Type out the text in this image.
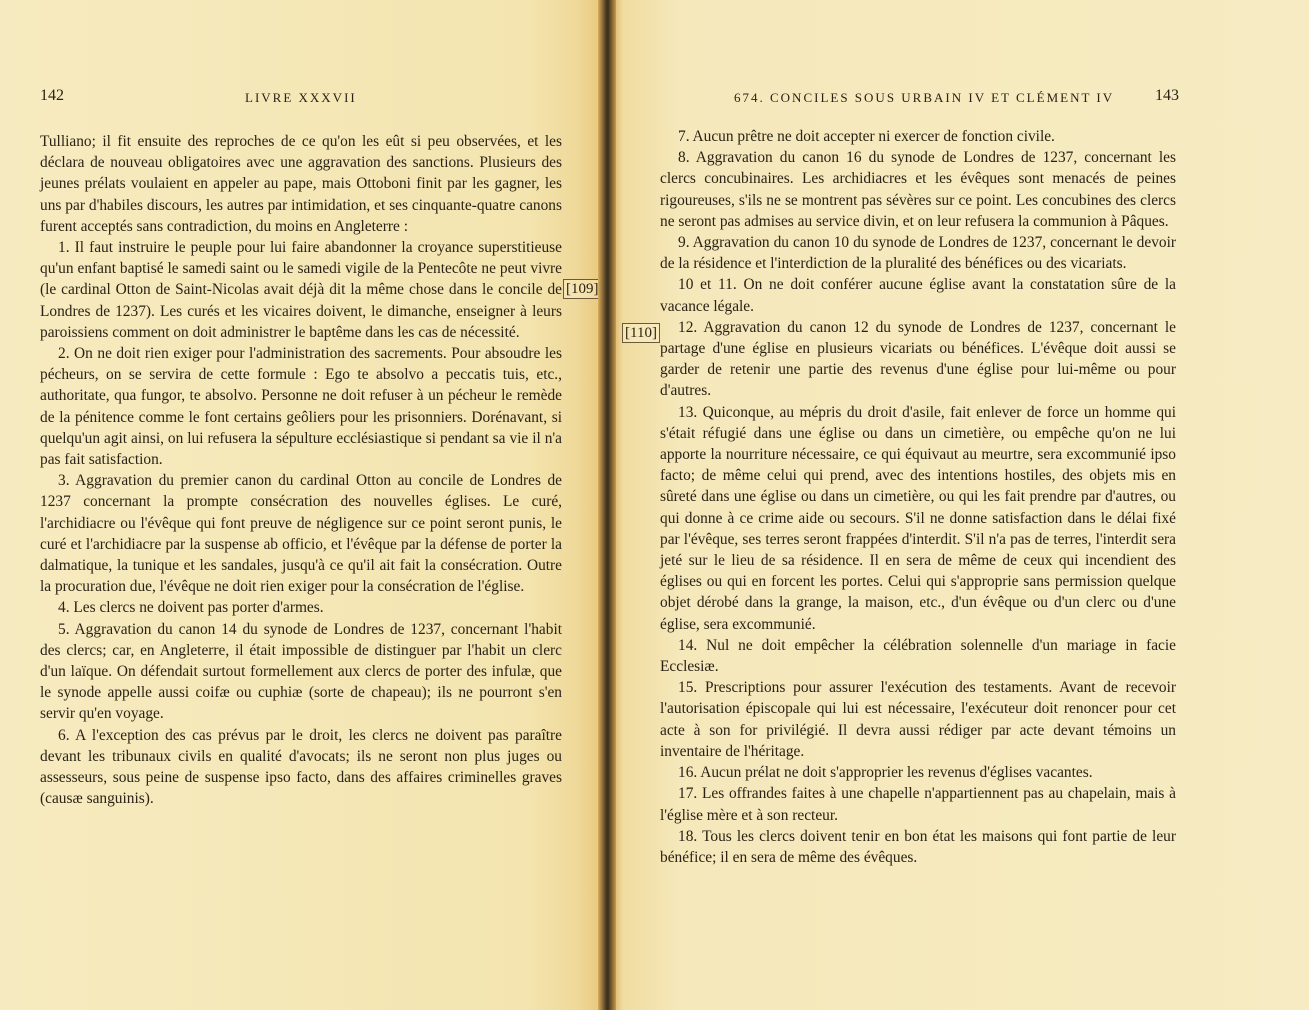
142	LIVRE XXXVII

Tulliano; il fit ensuite des reproches de ce qu'on les eût si peu observées, et les déclara de nouveau obligatoires avec une aggravation des sanctions. Plusieurs des jeunes prélats voulaient en appeler au pape, mais Ottoboni finit par les gagner, les uns par d'habiles discours, les autres par intimidation, et ses cinquante-quatre canons furent acceptés sans contradiction, du moins en Angleterre :

1. Il faut instruire le peuple pour lui faire abandonner la croyance superstitieuse qu'un enfant baptisé le samedi saint ou le samedi vigile de la Pentecôte ne peut vivre (le cardinal Otton de Saint-Nicolas avait déjà dit la même chose dans le concile de Londres de 1237). Les curés et les vicaires doivent, le dimanche, enseigner à leurs paroissiens comment on doit administrer le baptême dans les cas de nécessité.

2. On ne doit rien exiger pour l'administration des sacrements. Pour absoudre les pécheurs, on se servira de cette formule : Ego te absolvo a peccatis tuis, etc., authoritate, qua fungor, te absolvo. Personne ne doit refuser à un pécheur le remède de la pénitence comme le font certains geôliers pour les prisonniers. Dorénavant, si quelqu'un agit ainsi, on lui refusera la sépulture ecclésiastique si pendant sa vie il n'a pas fait satisfaction.

3. Aggravation du premier canon du cardinal Otton au concile de Londres de 1237 concernant la prompte consécration des nouvelles églises. Le curé, l'archidiacre ou l'évêque qui font preuve de négligence sur ce point seront punis, le curé et l'archidiacre par la suspense ab officio, et l'évêque par la défense de porter la dalmatique, la tunique et les sandales, jusqu'à ce qu'il ait fait la consécration. Outre la procuration due, l'évêque ne doit rien exiger pour la consécration de l'église.

4. Les clercs ne doivent pas porter d'armes.

5. Aggravation du canon 14 du synode de Londres de 1237, concernant l'habit des clercs; car, en Angleterre, il était impossible de distinguer par l'habit un clerc d'un laïque. On défendait surtout formellement aux clercs de porter des infulæ, que le synode appelle aussi coifæ ou cuphiæ (sorte de chapeau); ils ne pourront s'en servir qu'en voyage.

6. A l'exception des cas prévus par le droit, les clercs ne doivent pas paraître devant les tribunaux civils en qualité d'avocats; ils ne seront non plus juges ou assesseurs, sous peine de suspense ipso facto, dans des affaires criminelles graves (causæ sanguinis).

[109]
674. CONCILES SOUS URBAIN IV ET CLÉMENT IV	143

7. Aucun prêtre ne doit accepter ni exercer de fonction civile.

8. Aggravation du canon 16 du synode de Londres de 1237, concernant les clercs concubinaires. Les archidiacres et les évêques sont menacés de peines rigoureuses, s'ils ne se montrent pas sévères sur ce point. Les concubines des clercs ne seront pas admises au service divin, et on leur refusera la communion à Pâques.

9. Aggravation du canon 10 du synode de Londres de 1237, concernant le devoir de la résidence et l'interdiction de la pluralité des bénéfices ou des vicariats.

10 et 11. On ne doit conférer aucune église avant la constatation sûre de la vacance légale.

12. Aggravation du canon 12 du synode de Londres de 1237, concernant le partage d'une église en plusieurs vicariats ou bénéfices. L'évêque doit aussi se garder de retenir une partie des revenus d'une église pour lui-même ou pour d'autres.

13. Quiconque, au mépris du droit d'asile, fait enlever de force un homme qui s'était réfugié dans une église ou dans un cimetière, ou empêche qu'on ne lui apporte la nourriture nécessaire, ce qui équivaut au meurtre, sera excommunié ipso facto; de même celui qui prend, avec des intentions hostiles, des objets mis en sûreté dans une église ou dans un cimetière, ou qui les fait prendre par d'autres, ou qui donne à ce crime aide ou secours. S'il ne donne satisfaction dans le délai fixé par l'évêque, ses terres seront frappées d'interdit. S'il n'a pas de terres, l'interdit sera jeté sur le lieu de sa résidence. Il en sera de même de ceux qui incendient des églises ou qui en forcent les portes. Celui qui s'approprie sans permission quelque objet dérobé dans la grange, la maison, etc., d'un évêque ou d'un clerc ou d'une église, sera excommunié.

14. Nul ne doit empêcher la célébration solennelle d'un mariage in facie Ecclesiæ.

15. Prescriptions pour assurer l'exécution des testaments. Avant de recevoir l'autorisation épiscopale qui lui est nécessaire, l'exécuteur doit renoncer pour cet acte à son for privilégié. Il devra aussi rédiger par acte devant témoins un inventaire de l'héritage.

16. Aucun prélat ne doit s'approprier les revenus d'églises vacantes.

17. Les offrandes faites à une chapelle n'appartiennent pas au chapelain, mais à l'église mère et à son recteur.

18. Tous les clercs doivent tenir en bon état les maisons qui font partie de leur bénéfice; il en sera de même des évêques.

[110]
